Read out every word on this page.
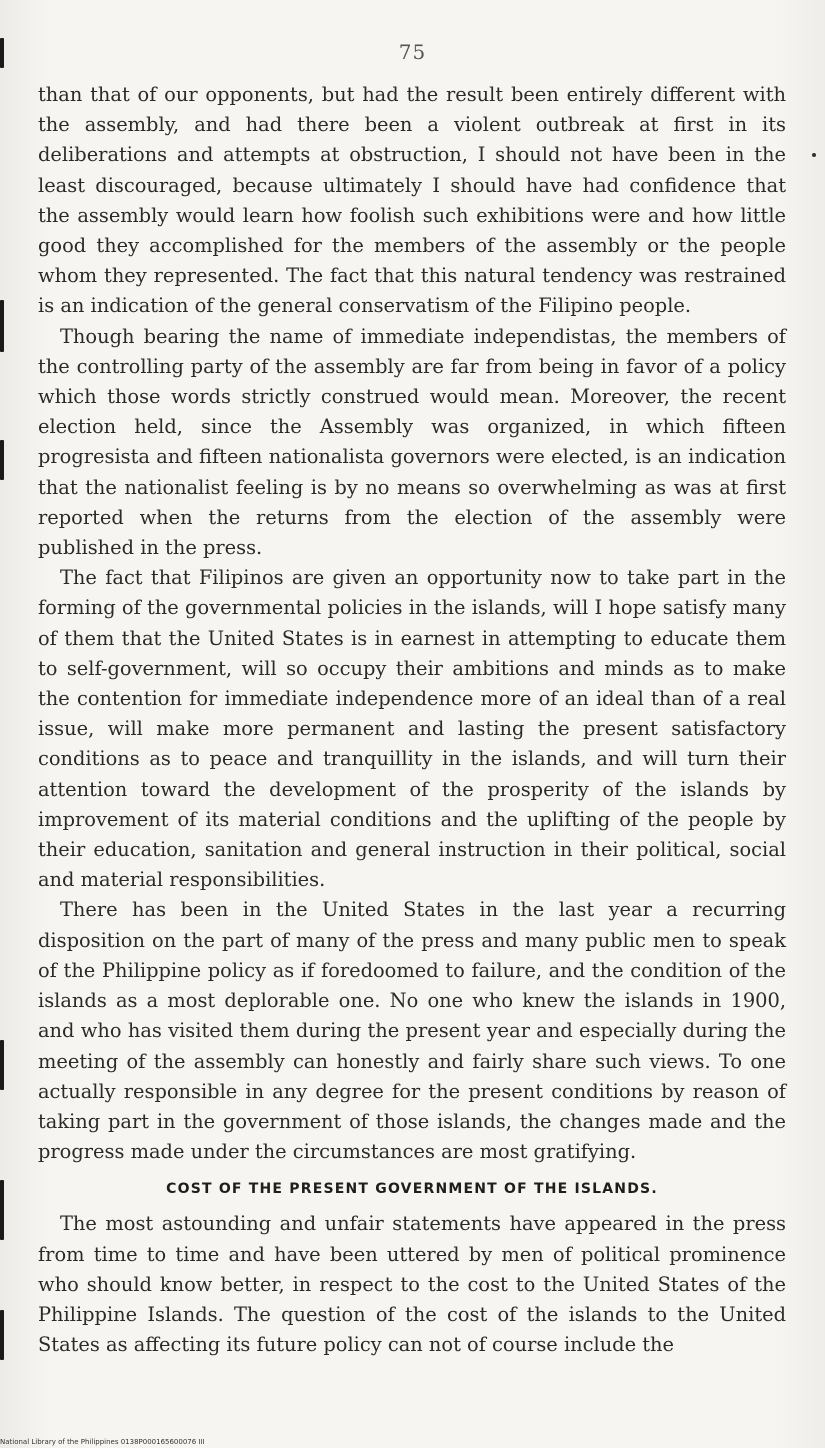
75

than that of our opponents, but had the result been entirely different with the assembly, and had there been a violent outbreak at first in its deliberations and attempts at obstruction, I should not have been in the least discouraged, because ultimately I should have had confidence that the assembly would learn how foolish such exhibitions were and how little good they accomplished for the members of the assembly or the people whom they represented. The fact that this natural tendency was restrained is an indication of the general conservatism of the Filipino people.

Though bearing the name of immediate independistas, the members of the controlling party of the assembly are far from being in favor of a policy which those words strictly construed would mean. Moreover, the recent election held, since the Assembly was organized, in which fifteen progresista and fifteen nationalista governors were elected, is an indication that the nationalist feeling is by no means so overwhelming as was at first reported when the returns from the election of the assembly were published in the press.

The fact that Filipinos are given an opportunity now to take part in the forming of the governmental policies in the islands, will I hope satisfy many of them that the United States is in earnest in attempting to educate them to self-government, will so occupy their ambitions and minds as to make the contention for immediate independence more of an ideal than of a real issue, will make more permanent and lasting the present satisfactory conditions as to peace and tranquillity in the islands, and will turn their attention toward the development of the prosperity of the islands by improvement of its material conditions and the uplifting of the people by their education, sanitation and general instruction in their political, social and material responsibilities.

There has been in the United States in the last year a recurring disposition on the part of many of the press and many public men to speak of the Philippine policy as if foredoomed to failure, and the condition of the islands as a most deplorable one. No one who knew the islands in 1900, and who has visited them during the present year and especially during the meeting of the assembly can honestly and fairly share such views. To one actually responsible in any degree for the present conditions by reason of taking part in the government of those islands, the changes made and the progress made under the circumstances are most gratifying.

COST OF THE PRESENT GOVERNMENT OF THE ISLANDS.

The most astounding and unfair statements have appeared in the press from time to time and have been uttered by men of political prominence who should know better, in respect to the cost to the United States of the Philippine Islands. The question of the cost of the islands to the United States as affecting its future policy can not of course include the

National Library of the Philippines 0138P000165600076 III
